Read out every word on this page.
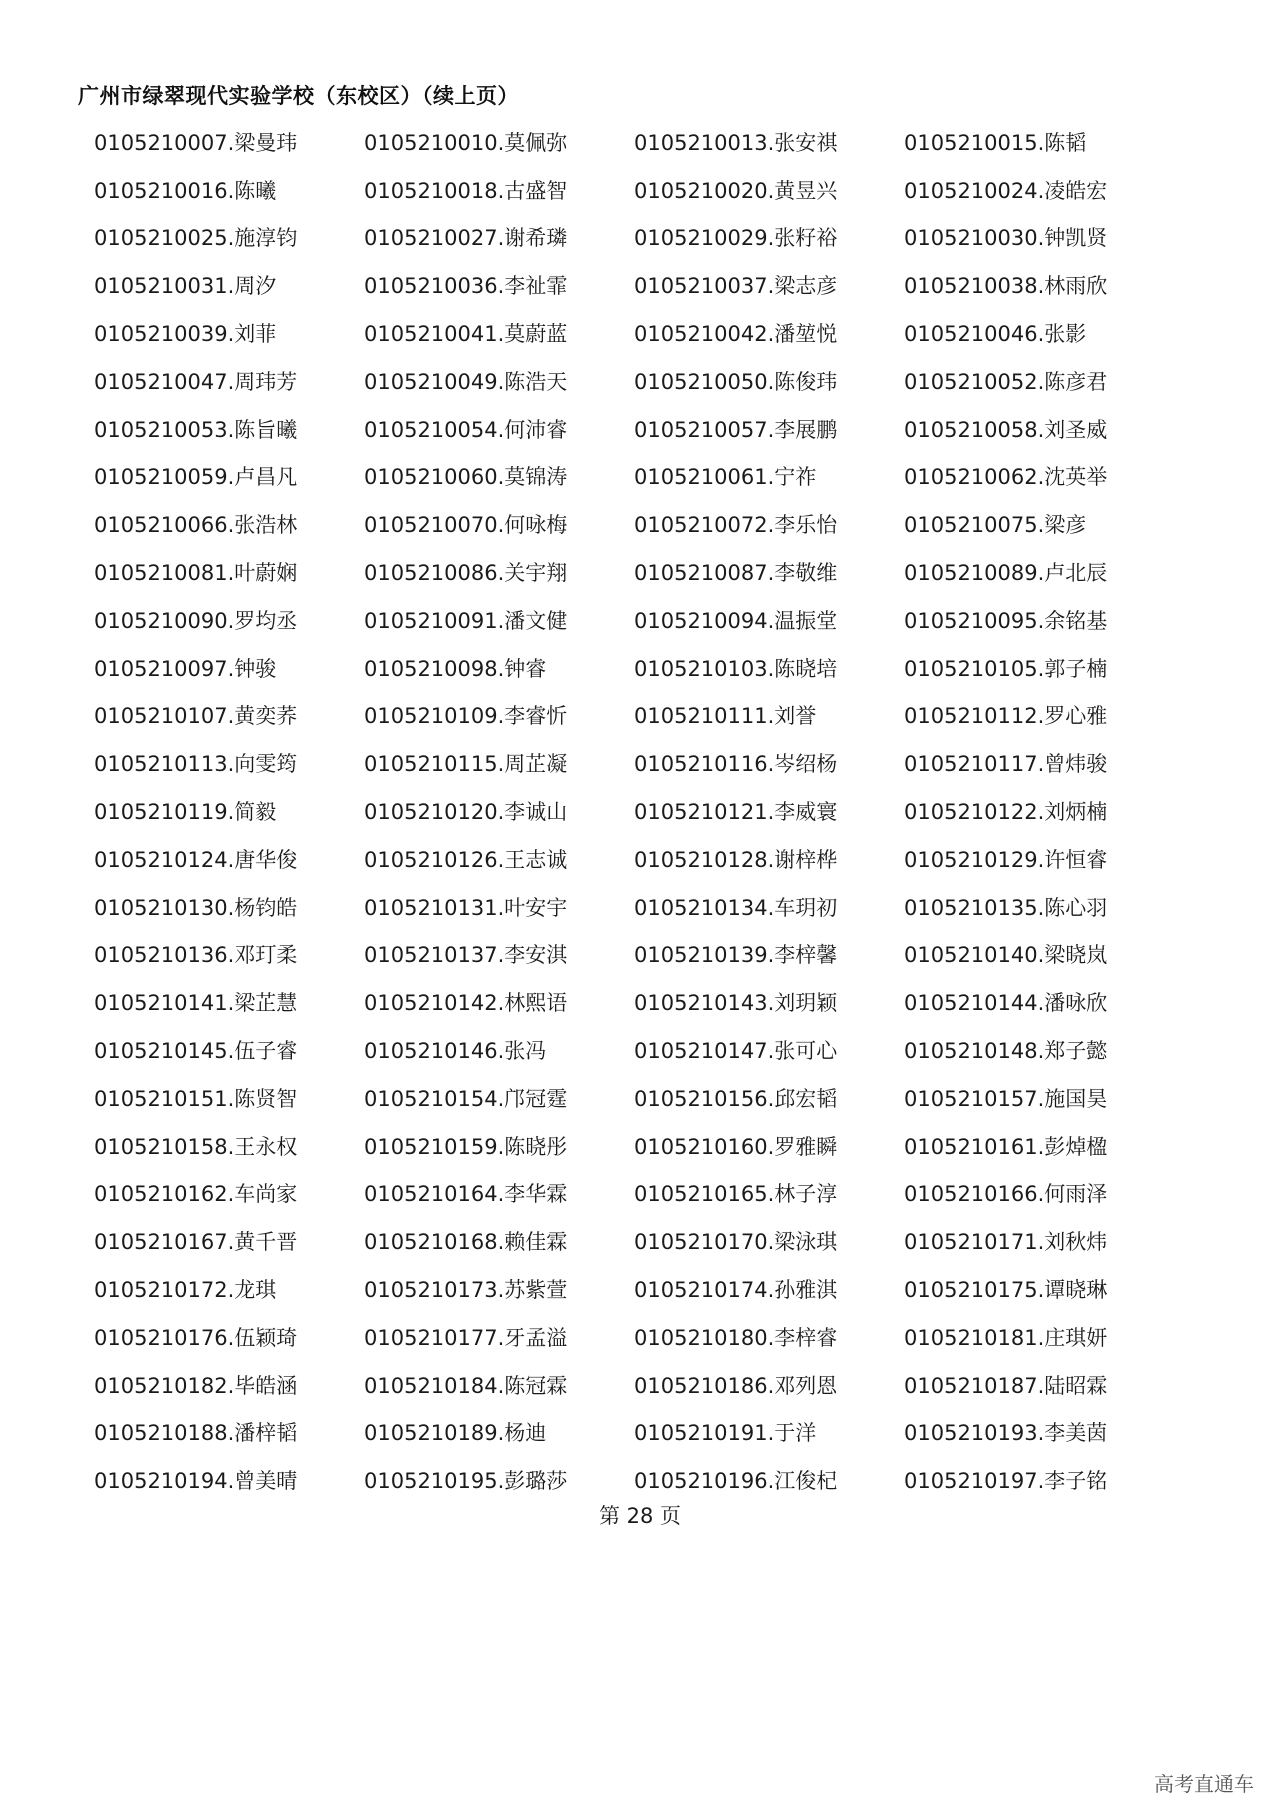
广州市绿翠现代实验学校（东校区）（续上页）
0105210007.梁曼玮	0105210010.莫佩弥	0105210013.张安祺	0105210015.陈韬
0105210016.陈曦	0105210018.古盛智	0105210020.黄昱兴	0105210024.凌皓宏
0105210025.施淳钧	0105210027.谢希璘	0105210029.张籽裕	0105210030.钟凯贤
0105210031.周汐	0105210036.李祉霏	0105210037.梁志彦	0105210038.林雨欣
0105210039.刘菲	0105210041.莫蔚蓝	0105210042.潘堃悦	0105210046.张影
0105210047.周玮芳	0105210049.陈浩天	0105210050.陈俊玮	0105210052.陈彦君
0105210053.陈旨曦	0105210054.何沛睿	0105210057.李展鹏	0105210058.刘圣威
0105210059.卢昌凡	0105210060.莫锦涛	0105210061.宁祚	0105210062.沈英举
0105210066.张浩林	0105210070.何咏梅	0105210072.李乐怡	0105210075.梁彦
0105210081.叶蔚娴	0105210086.关宇翔	0105210087.李敬维	0105210089.卢北辰
0105210090.罗均丞	0105210091.潘文健	0105210094.温振堂	0105210095.余铭基
0105210097.钟骏	0105210098.钟睿	0105210103.陈晓培	0105210105.郭子楠
0105210107.黄奕荞	0105210109.李睿忻	0105210111.刘誉	0105210112.罗心雅
0105210113.向雯筠	0105210115.周芷凝	0105210116.岑绍杨	0105210117.曾炜骏
0105210119.简毅	0105210120.李诚山	0105210121.李威寰	0105210122.刘炳楠
0105210124.唐华俊	0105210126.王志诚	0105210128.谢梓桦	0105210129.许恒睿
0105210130.杨钧皓	0105210131.叶安宇	0105210134.车玥初	0105210135.陈心羽
0105210136.邓玎柔	0105210137.李安淇	0105210139.李梓馨	0105210140.梁晓岚
0105210141.梁芷慧	0105210142.林熙语	0105210143.刘玥颖	0105210144.潘咏欣
0105210145.伍子睿	0105210146.张冯	0105210147.张可心	0105210148.郑子懿
0105210151.陈贤智	0105210154.邝冠霆	0105210156.邱宏韬	0105210157.施国昊
0105210158.王永权	0105210159.陈晓彤	0105210160.罗雅瞬	0105210161.彭焯楹
0105210162.车尚家	0105210164.李华霖	0105210165.林子淳	0105210166.何雨泽
0105210167.黄千晋	0105210168.赖佳霖	0105210170.梁泳琪	0105210171.刘秋炜
0105210172.龙琪	0105210173.苏紫萱	0105210174.孙雅淇	0105210175.谭晓琳
0105210176.伍颖琦	0105210177.牙孟溢	0105210180.李梓睿	0105210181.庄琪妍
0105210182.毕皓涵	0105210184.陈冠霖	0105210186.邓列恩	0105210187.陆昭霖
0105210188.潘梓韬	0105210189.杨迪	0105210191.于洋	0105210193.李美茵
0105210194.曾美晴	0105210195.彭璐莎	0105210196.江俊杞	0105210197.李子铭
第 28 页
高考直通车
